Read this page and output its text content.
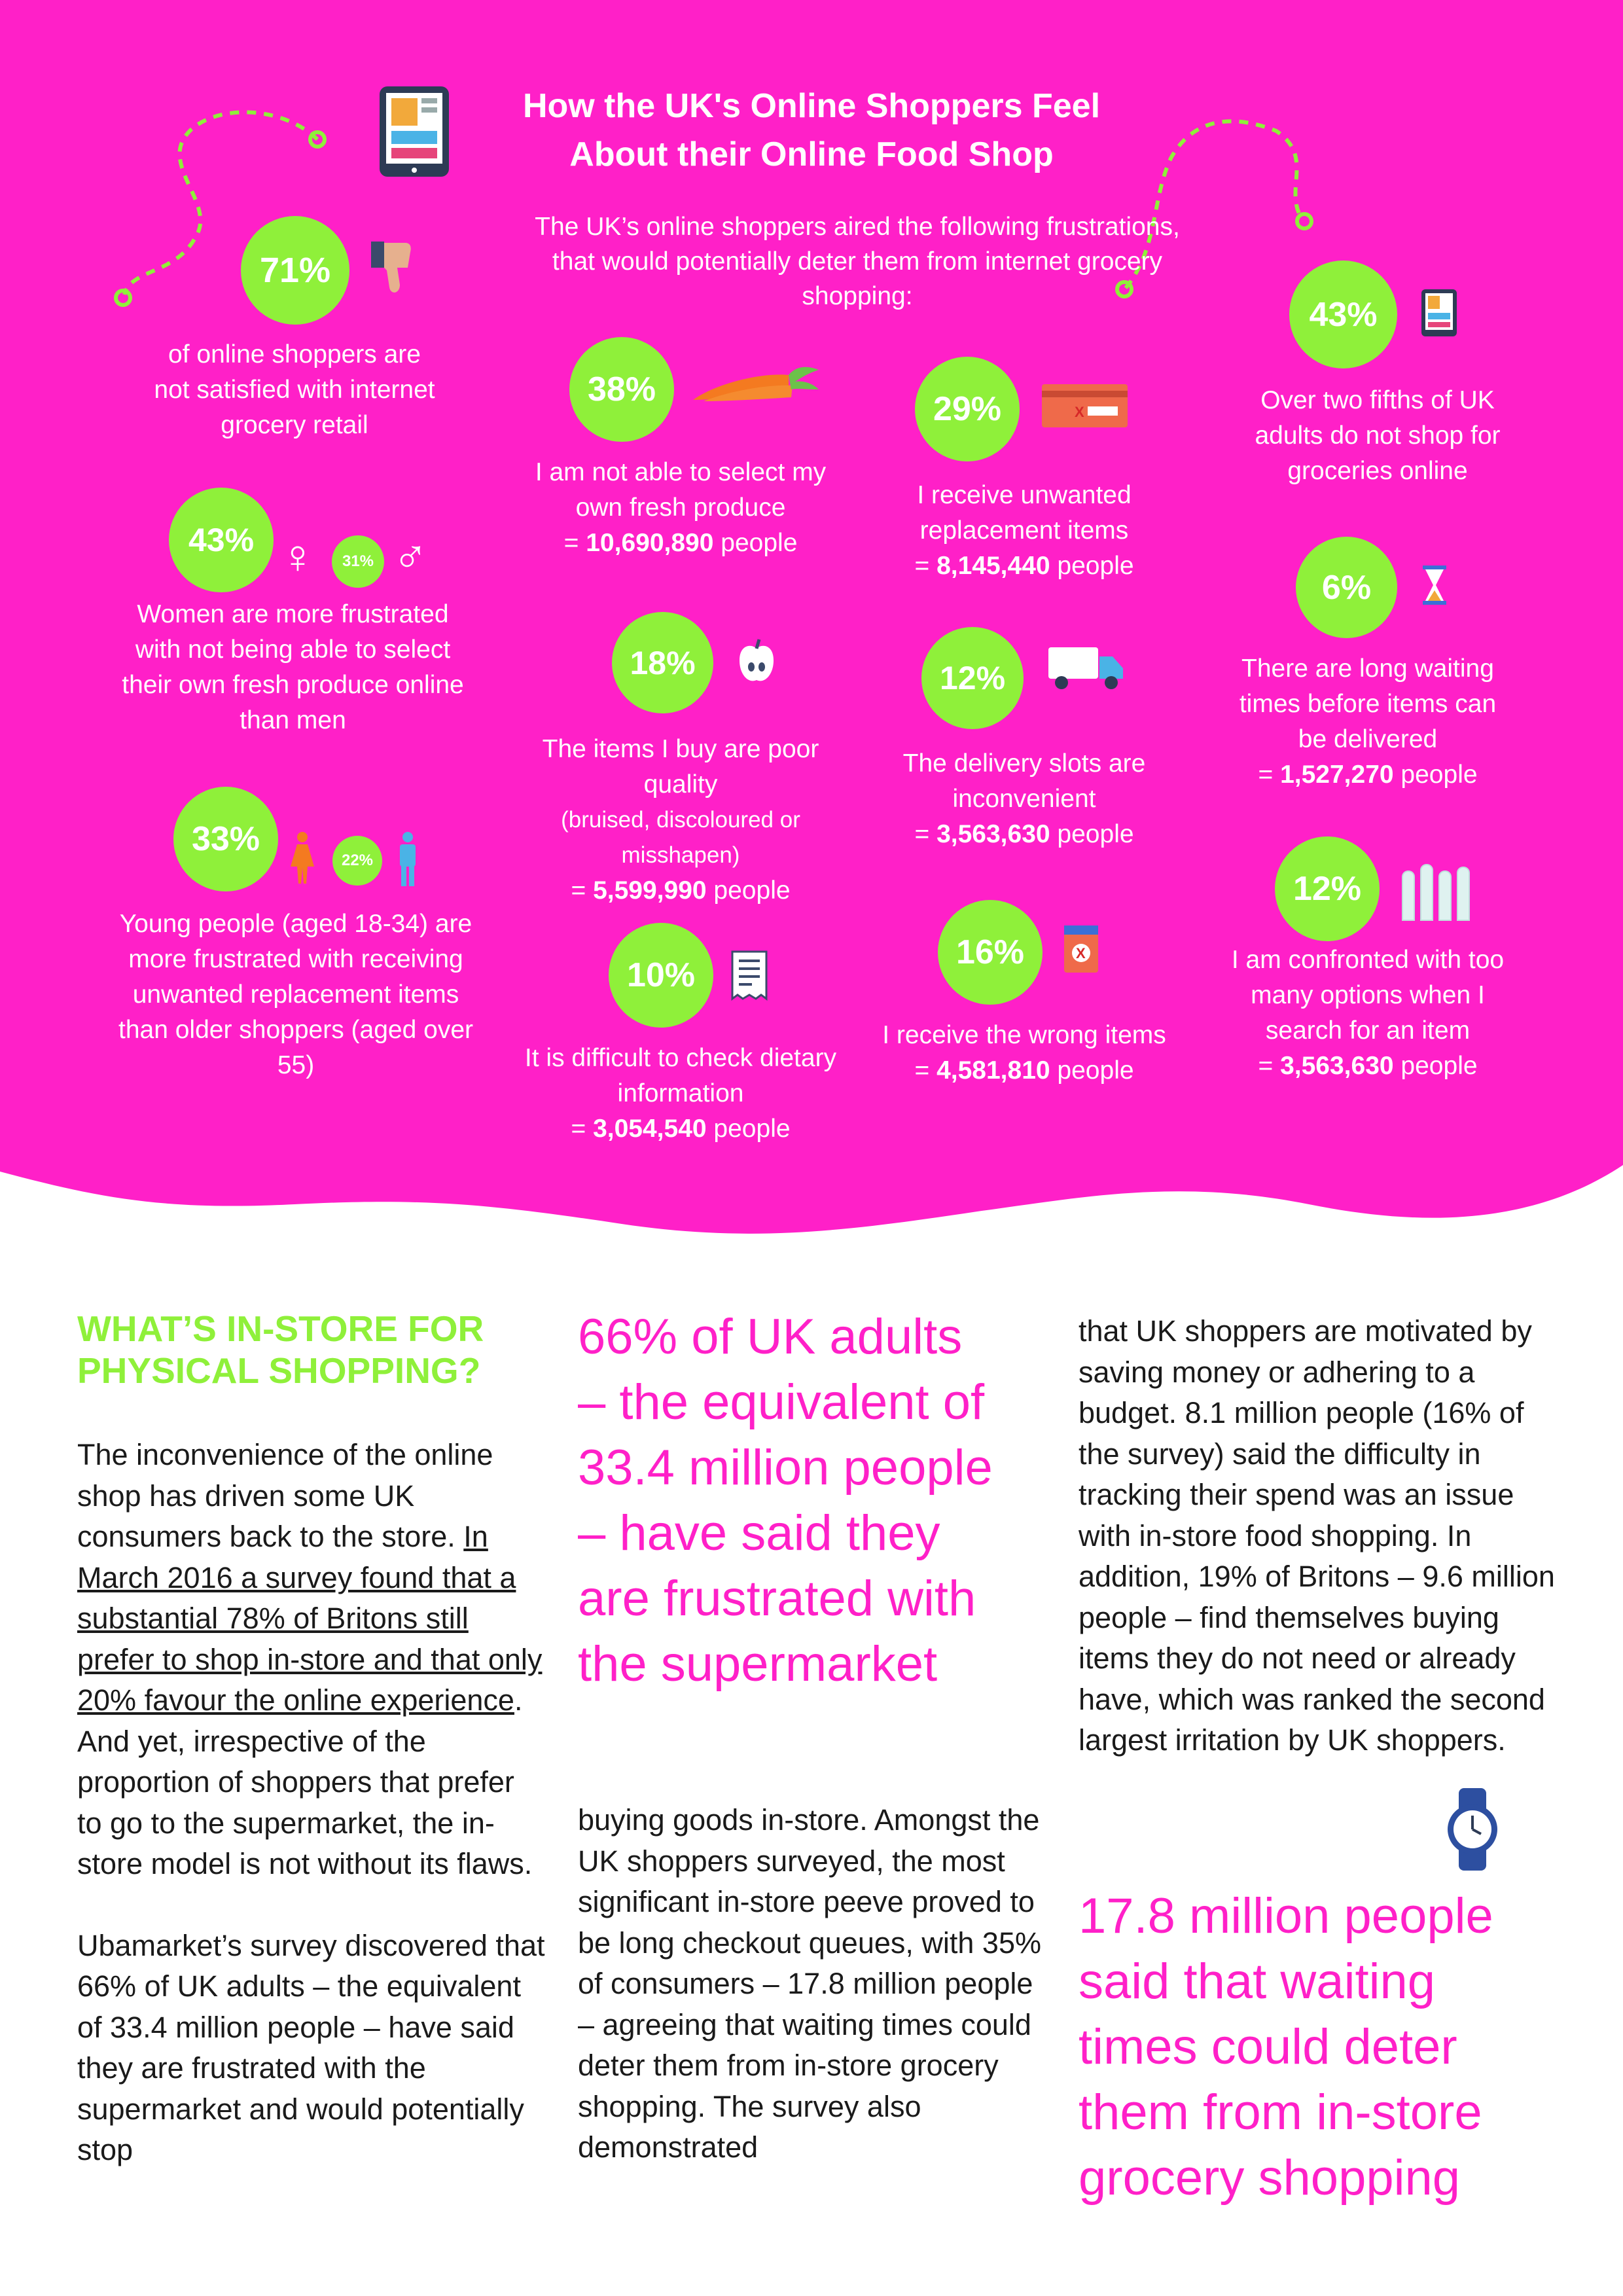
How the UK's Online Shoppers Feel
About their Online Food Shop
The UK’s online shoppers aired the following frustrations, that would potentially deter them from internet grocery shopping:
71%
of online shoppers are not satisfied with internet grocery retail
43% ♀	31% ♂
Women are more frustrated with not being able to select their own fresh produce online than men
33%
22%
Young people (aged 18-34) are more frustrated with receiving unwanted replacement items than older shoppers (aged over 55)
38%
I am not able to select my own fresh produce
= 10,690,890 people
18%
The items I buy are poor quality
(bruised, discoloured or misshapen)
= 5,599,990 people
10%
It is difficult to check dietary information
= 3,054,540 people
29%	X
I receive unwanted replacement items
= 8,145,440 people
12%
The delivery slots are inconvenient
= 3,563,630 people
16%	X
I receive the wrong items
= 4,581,810 people
43%
Over two fifths of UK adults do not shop for groceries online
6%
There are long waiting times before items can be delivered
= 1,527,270 people
12%
I am confronted with too many options when I search for an item
= 3,563,630 people
WHAT’S IN-STORE FOR
PHYSICAL SHOPPING?

The inconvenience of the online shop has driven some UK consumers back to the store. In March 2016 a survey found that a substantial 78% of Britons still prefer to shop in-store and that only 20% favour the online experience. And yet, irrespective of the proportion of shoppers that prefer to go to the supermarket, the in-store model is not without its flaws.

Ubamarket’s survey discovered that 66% of UK adults – the equivalent of 33.4 million people – have said they are frustrated with the supermarket and would potentially stop

66% of UK adults – the equivalent of 33.4 million people – have said they are frustrated with the supermarket
buying goods in-store. Amongst the UK shoppers surveyed, the most significant in-store peeve proved to be long checkout queues, with 35% of consumers – 17.8 million people – agreeing that waiting times could deter them from in-store grocery shopping. The survey also demonstrated
that UK shoppers are motivated by saving money or adhering to a budget. 8.1 million people (16% of the survey) said the difficulty in tracking their spend was an issue with in-store food shopping. In addition, 19% of Britons – 9.6 million people – find themselves buying items they do not need or already have, which was ranked the second largest irritation by UK shoppers.
17.8 million people said that waiting times could deter them from in-store grocery shopping
